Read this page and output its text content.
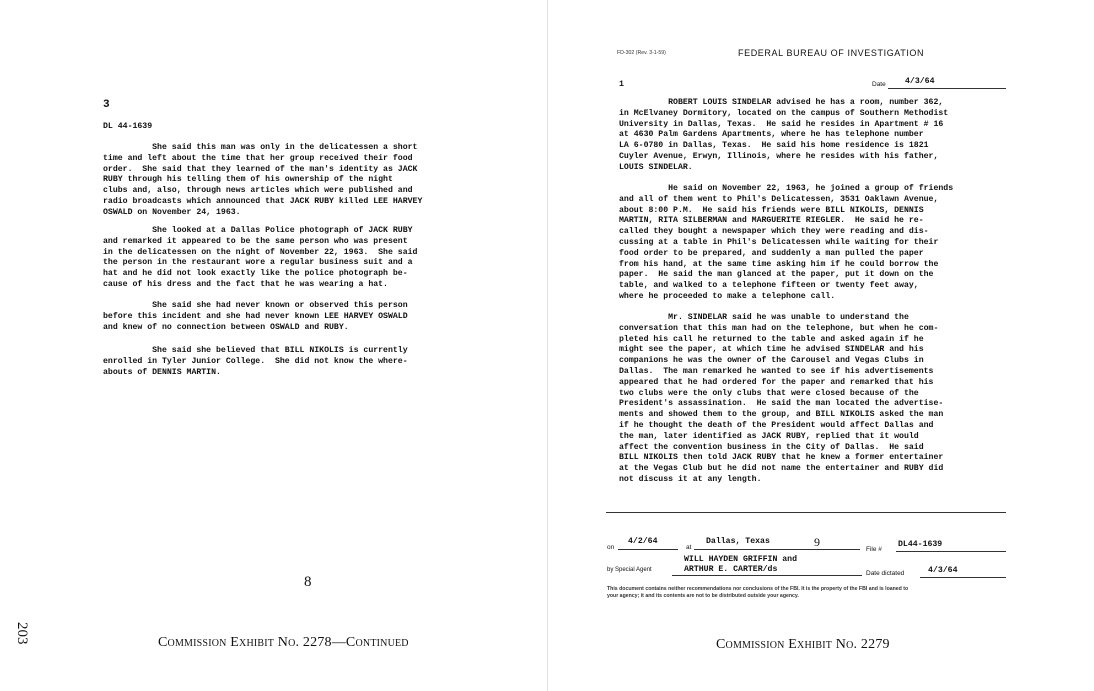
3
DL 44-1639
She said this man was only in the delicatessen a short
time and left about the time that her group received their food
order.  She said that they learned of the man's identity as JACK
RUBY through his telling them of his ownership of the night
clubs and, also, through news articles which were published and
radio broadcasts which announced that JACK RUBY killed LEE HARVEY
OSWALD on November 24, 1963.
She looked at a Dallas Police photograph of JACK RUBY
and remarked it appeared to be the same person who was present
in the delicatessen on the night of November 22, 1963.  She said
the person in the restaurant wore a regular business suit and a
hat and he did not look exactly like the police photograph be-
cause of his dress and the fact that he was wearing a hat.
She said she had never known or observed this person
before this incident and she had never known LEE HARVEY OSWALD
and knew of no connection between OSWALD and RUBY.
She said she believed that BILL NIKOLIS is currently
enrolled in Tyler Junior College.  She did not know the where-
abouts of DENNIS MARTIN.
8
203	Commission Exhibit No. 2278—Continued
FD-302 (Rev. 3-1-59)	FEDERAL BUREAU OF INVESTIGATION
1	Date 4/3/64
ROBERT LOUIS SINDELAR advised he has a room, number 362,
in McElvaney Dormitory, located on the campus of Southern Methodist
University in Dallas, Texas.  He said he resides in Apartment # 16
at 4630 Palm Gardens Apartments, where he has telephone number
LA 6-0780 in Dallas, Texas.  He said his home residence is 1821
Cuyler Avenue, Erwyn, Illinois, where he resides with his father,
LOUIS SINDELAR.
He said on November 22, 1963, he joined a group of friends
and all of them went to Phil's Delicatessen, 3531 Oaklawn Avenue,
about 8:00 P.M.  He said his friends were BILL NIKOLIS, DENNIS
MARTIN, RITA SILBERMAN and MARGUERITE RIEGLER.  He said he re-
called they bought a newspaper which they were reading and dis-
cussing at a table in Phil's Delicatessen while waiting for their
food order to be prepared, and suddenly a man pulled the paper
from his hand, at the same time asking him if he could borrow the
paper.  He said the man glanced at the paper, put it down on the
table, and walked to a telephone fifteen or twenty feet away,
where he proceeded to make a telephone call.
Mr. SINDELAR said he was unable to understand the
conversation that this man had on the telephone, but when he com-
pleted his call he returned to the table and asked again if he
might see the paper, at which time he advised SINDELAR and his
companions he was the owner of the Carousel and Vegas Clubs in
Dallas.  The man remarked he wanted to see if his advertisements
appeared that he had ordered for the paper and remarked that his
two clubs were the only clubs that were closed because of the
President's assassination.  He said the man located the advertise-
ments and showed them to the group, and BILL NIKOLIS asked the man
if he thought the death of the President would affect Dallas and
the man, later identified as JACK RUBY, replied that it would
affect the convention business in the City of Dallas.  He said
BILL NIKOLIS then told JACK RUBY that he knew a former entertainer
at the Vegas Club but he did not name the entertainer and RUBY did
not discuss it at any length.
on
4/2/64
at
Dallas, Texas	9
File #
DL44-1639
WILL HAYDEN GRIFFIN and
by Special Agent	ARTHUR E. CARTER/ds	Date dictated	4/3/64
This document contains neither recommendations nor conclusions of the FBI. It is the property of the FBI and is loaned to
your agency; it and its contents are not to be distributed outside your agency.
Commission Exhibit No. 2279
